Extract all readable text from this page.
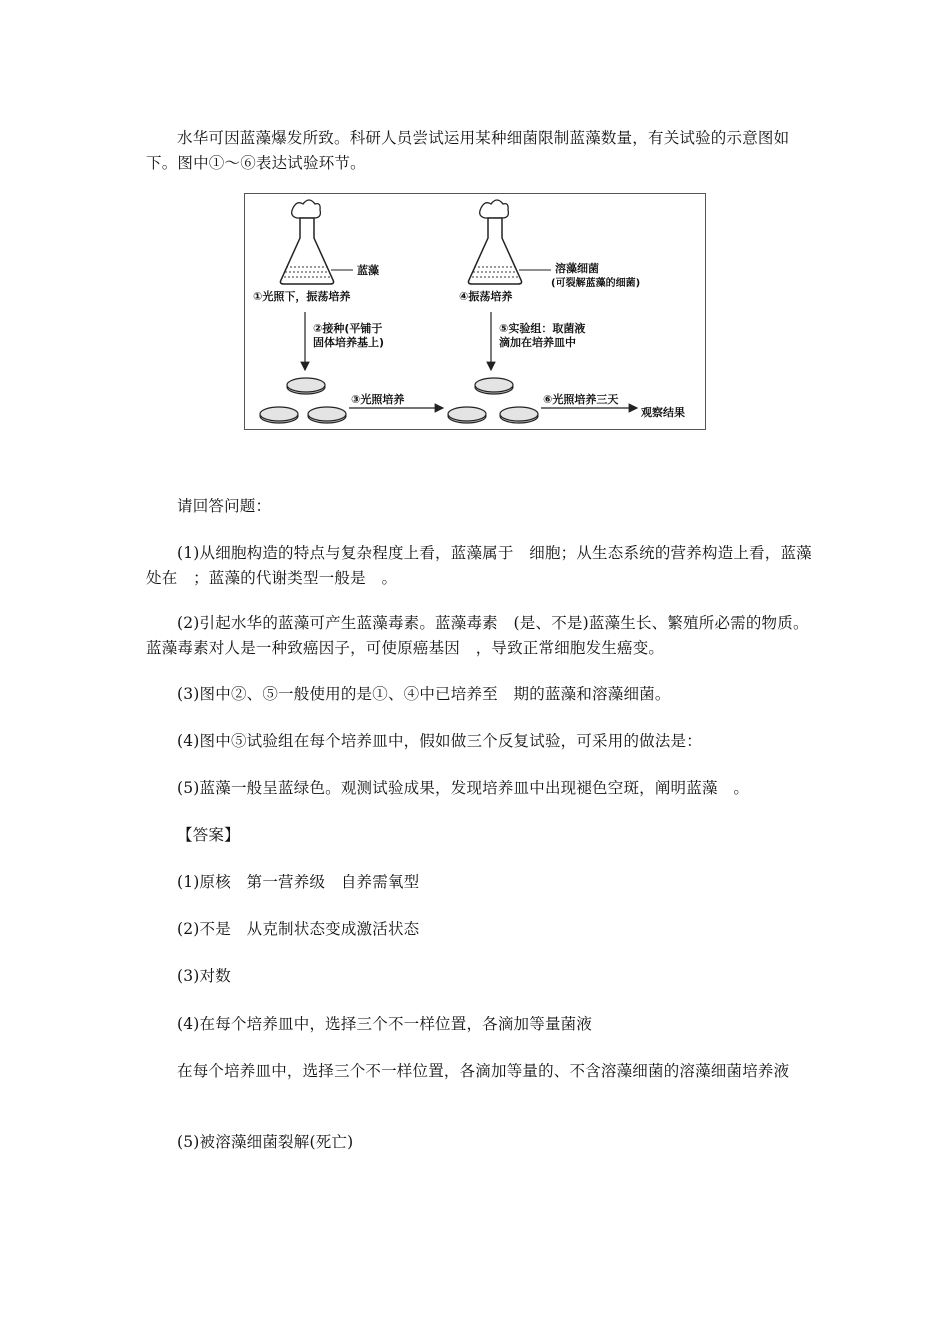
水华可因蓝藻爆发所致。科研人员尝试运用某种细菌限制蓝藻数量，有关试验的示意图如下。图中①～⑥表达试验环节。

蓝藻
①光照下，振荡培养
②接种(平铺于
固体培养基上)
③光照培养
溶藻细菌
(可裂解蓝藻的细菌)
④振荡培养
⑤实验组：取菌液
滴加在培养皿中
⑥光照培养三天
观察结果

请回答问题：

(1)从细胞构造的特点与复杂程度上看，蓝藻属于　细胞；从生态系统的营养构造上看，蓝藻处在　；蓝藻的代谢类型一般是　。

(2)引起水华的蓝藻可产生蓝藻毒素。蓝藻毒素　(是、不是)蓝藻生长、繁殖所必需的物质。蓝藻毒素对人是一种致癌因子，可使原癌基因　，导致正常细胞发生癌变。

(3)图中②、⑤一般使用的是①、④中已培养至　期的蓝藻和溶藻细菌。

(4)图中⑤试验组在每个培养皿中，假如做三个反复试验，可采用的做法是：

(5)蓝藻一般呈蓝绿色。观测试验成果，发现培养皿中出现褪色空斑，阐明蓝藻　。

【答案】

(1)原核　第一营养级　自养需氧型

(2)不是　从克制状态变成激活状态

(3)对数

(4)在每个培养皿中，选择三个不一样位置，各滴加等量菌液

在每个培养皿中，选择三个不一样位置，各滴加等量的、不含溶藻细菌的溶藻细菌培养液

(5)被溶藻细菌裂解(死亡)
